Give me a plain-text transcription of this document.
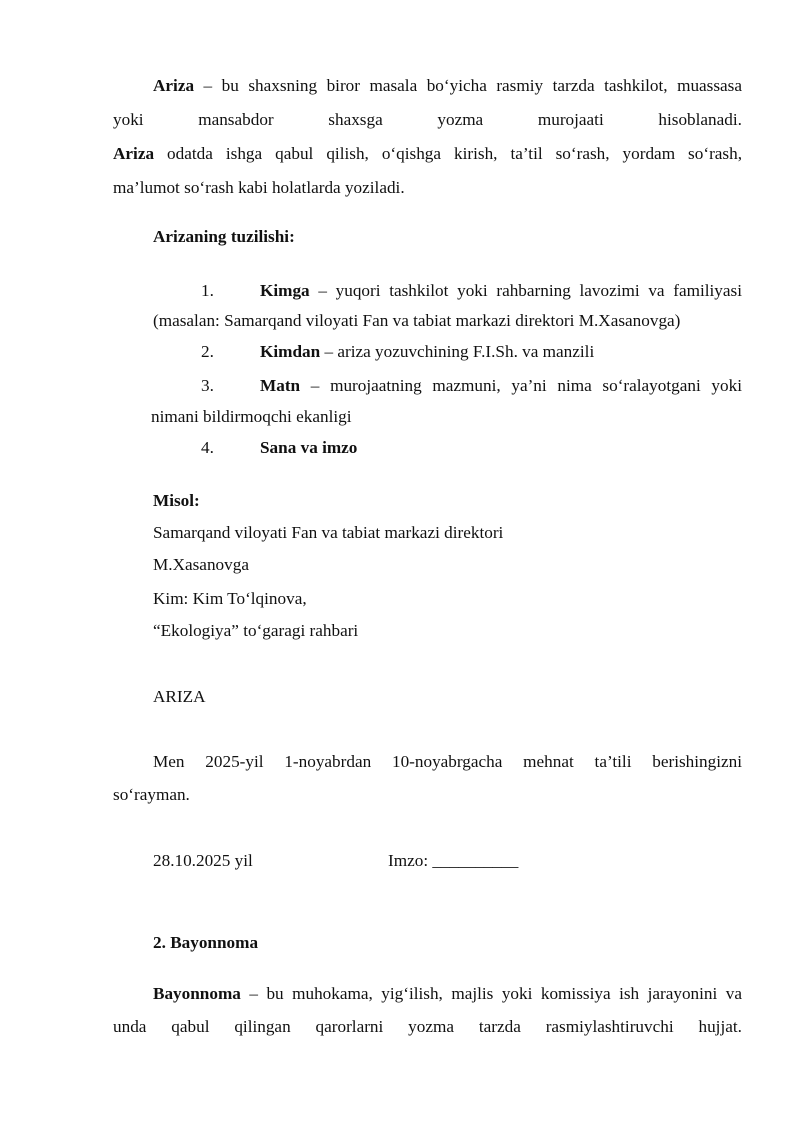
Ariza – bu shaxsning biror masala bo‘yicha rasmiy tarzda tashkilot, muassasa
yoki	mansabdor	shaxsga	yozma	murojaati	hisoblanadi.
Ariza odatda ishga qabul qilish, o‘qishga kirish, ta’til so‘rash, yordam so‘rash,
ma’lumot so‘rash kabi holatlarda yoziladi.
Arizaning tuzilishi:
1.	Kimga – yuqori tashkilot yoki rahbarning lavozimi va familiyasi
(masalan: Samarqand viloyati Fan va tabiat markazi direktori M.Xasanovga)
2.	Kimdan – ariza yozuvchining F.I.Sh. va manzili
3.	Matn – murojaatning mazmuni, ya’ni nima so‘ralayotgani yoki
nimani bildirmoqchi ekanligi
4.	Sana va imzo
Misol:
Samarqand viloyati Fan va tabiat markazi direktori
M.Xasanovga
Kim: Kim To‘lqinova,
“Ekologiya” to‘garagi rahbari
ARIZA
Men 2025-yil 1-noyabrdan 10-noyabrgacha mehnat ta’tili berishingizni
so‘rayman.
28.10.2025 yil	Imzo: __________
2. Bayonnoma
Bayonnoma – bu muhokama, yig‘ilish, majlis yoki komissiya ish jarayonini va
unda qabul qilingan qarorlarni yozma tarzda rasmiylashtiruvchi hujjat.
